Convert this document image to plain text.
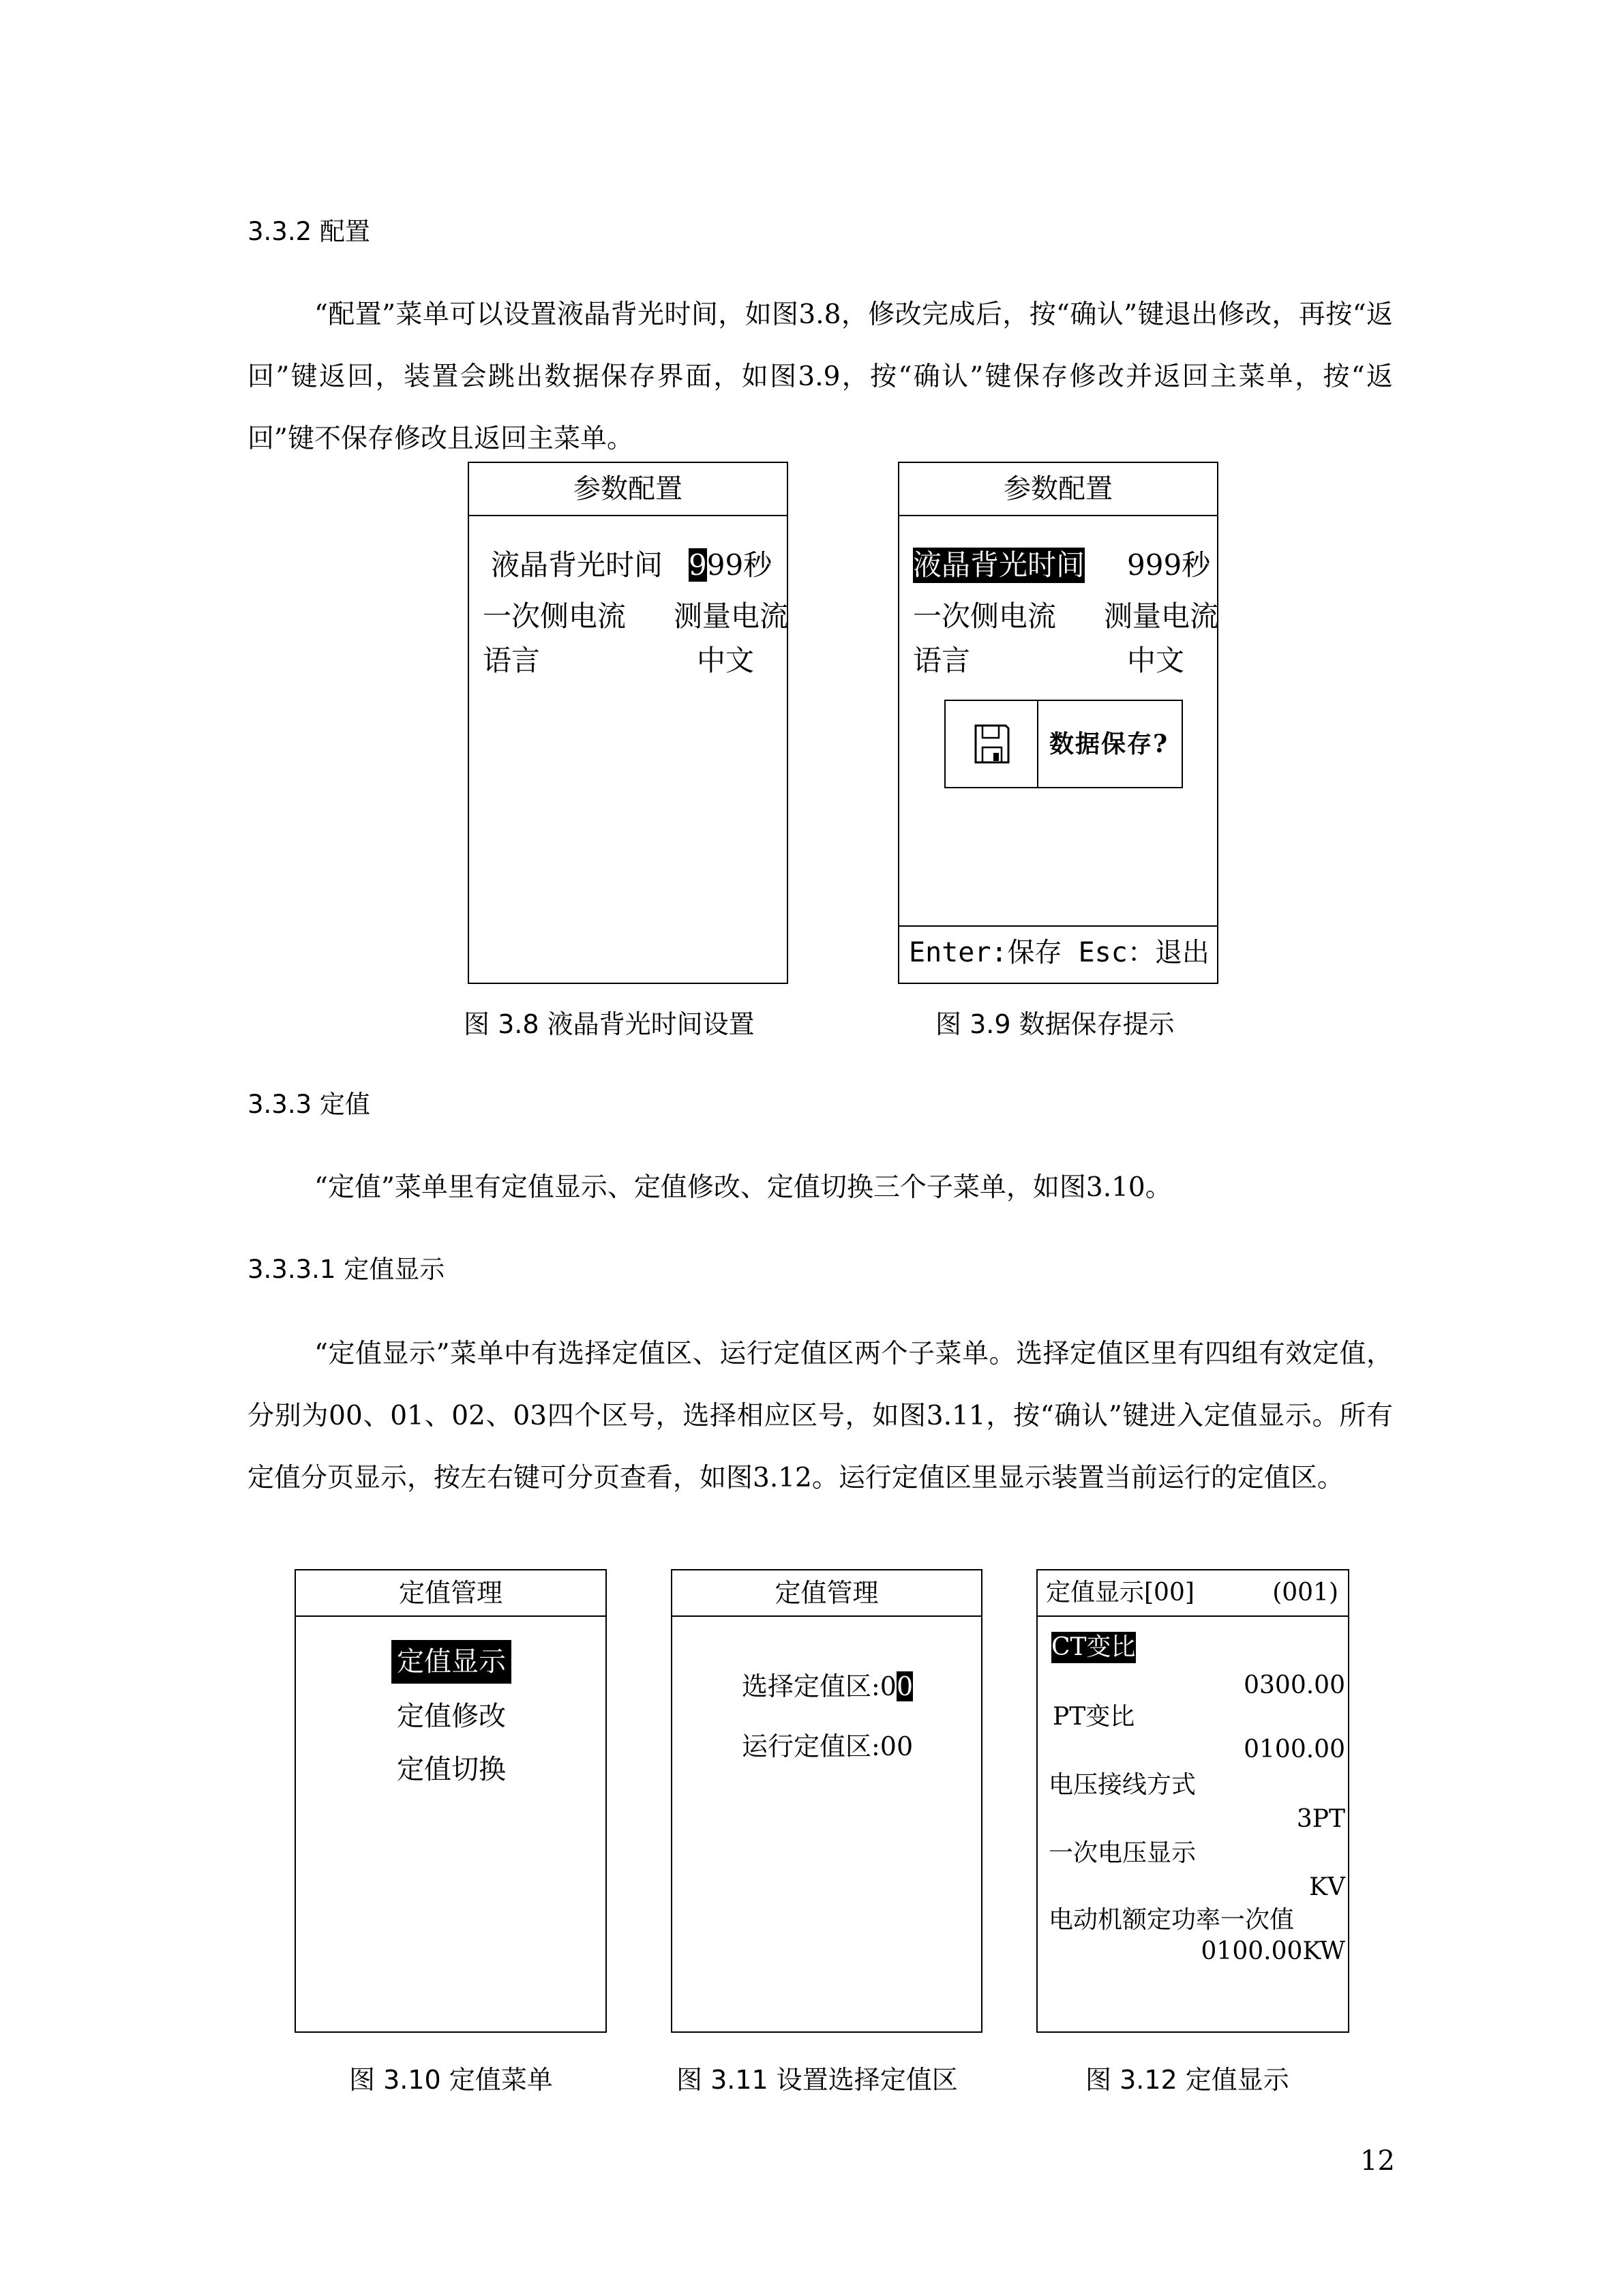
3.3.2 配置
“配置”菜单可以设置液晶背光时间，如图3.8，修改完成后，按“确认”键退出修改，再按“返回”键返回，装置会跳出数据保存界面，如图3.9，按“确认”键保存修改并返回主菜单，按“返回”键不保存修改且返回主菜单。
参数配置
液晶背光时间 999秒
一次侧电流 测量电流
语言	中文
图 3.8 液晶背光时间设置
参数配置
液晶背光时间 999秒
一次侧电流 测量电流
语言	中文
数据保存?
Enter:保存 Esc：退出
图 3.9 数据保存提示
3.3.3 定值
“定值”菜单里有定值显示、定值修改、定值切换三个子菜单，如图3.10。
3.3.3.1 定值显示
“定值显示”菜单中有选择定值区、运行定值区两个子菜单。选择定值区里有四组有效定值，分别为00、01、02、03四个区号，选择相应区号，如图3.11，按“确认”键进入定值显示。所有定值分页显示，按左右键可分页查看，如图3.12。运行定值区里显示装置当前运行的定值区。
定值管理
定值显示
定值修改
定值切换
图 3.10 定值菜单
定值管理
选择定值区:00
运行定值区:00
图 3.11 设置选择定值区
定值显示[00]	(001)
CT变比
0300.00
PT变比
0100.00
电压接线方式
3PT
一次电压显示
KV
电动机额定功率一次值
0100.00KW
图 3.12 定值显示
12
